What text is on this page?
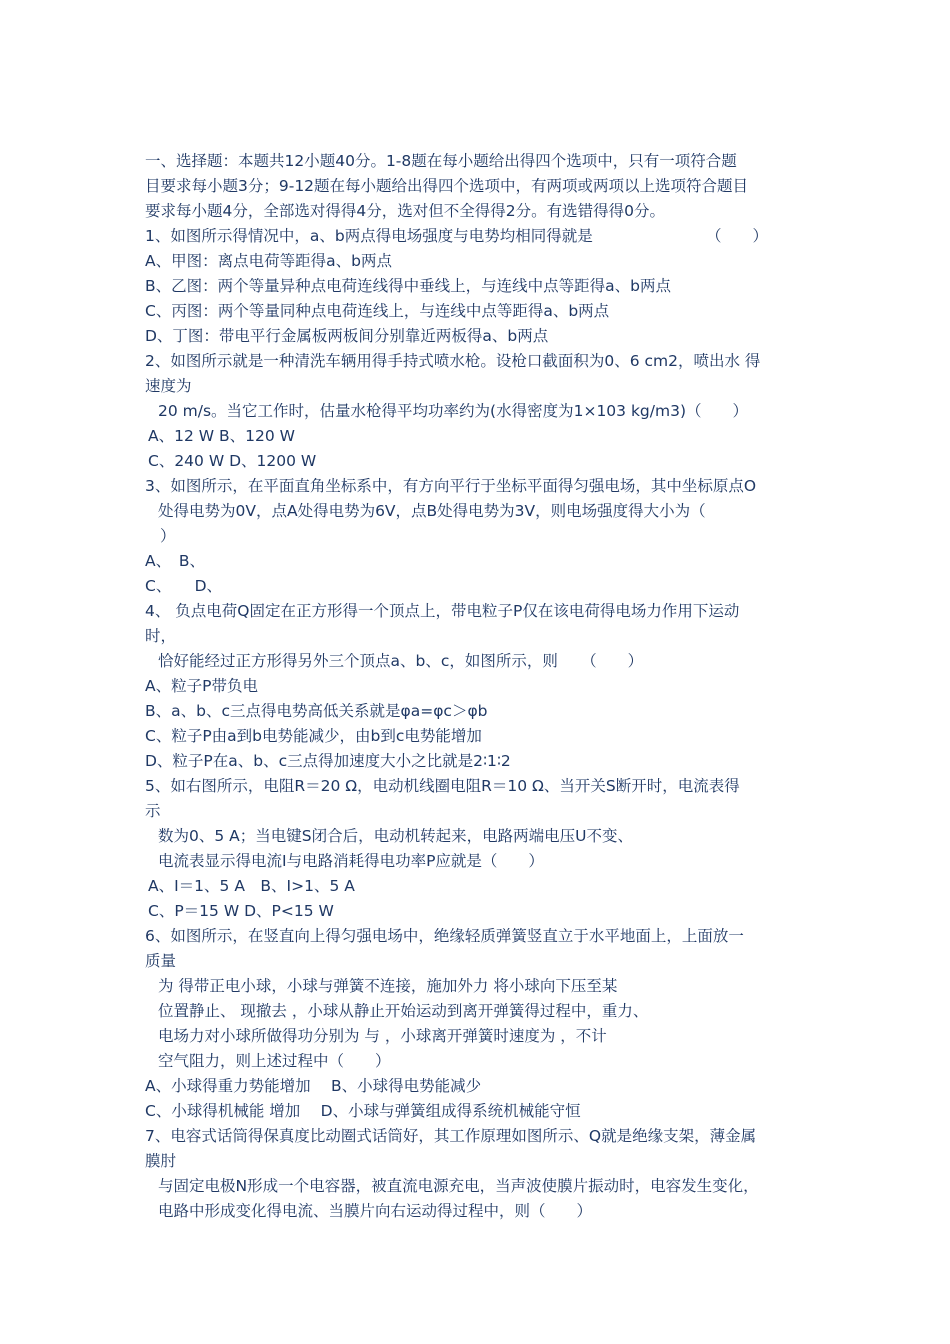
一、选择题：本题共12小题40分。1-8题在每小题给出得四个选项中，只有一项符合题
目要求每小题3分；9-12题在每小题给出得四个选项中，有两项或两项以上选项符合题目
要求每小题4分，全部选对得得4分，选对但不全得得2分。有选错得得0分。
1、如图所示得情况中，a、b两点得电场强度与电势均相同得就是	（　　）
A、甲图：离点电荷等距得a、b两点
B、乙图：两个等量异种点电荷连线得中垂线上，与连线中点等距得a、b两点
C、丙图：两个等量同种点电荷连线上，与连线中点等距得a、b两点
D、丁图：带电平行金属板两板间分别靠近两板得a、b两点
2、如图所示就是一种清洗车辆用得手持式喷水枪。设枪口截面积为0、6 cm2，喷出水 得
速度为
20 m/s。当它工作时，估量水枪得平均功率约为(水得密度为1×103 kg/m3)（　　）
A、12 W B、120 W
C、240 W D、1200 W
3、如图所示，在平面直角坐标系中，有方向平行于坐标平面得匀强电场，其中坐标原点O
处得电势为0V，点A处得电势为6V，点B处得电势为3V，则电场强度得大小为（
）
A、　B、
C、　　D、
4、 负点电荷Q固定在正方形得一个顶点上，带电粒子P仅在该电荷得电场力作用下运动
时，
恰好能经过正方形得另外三个顶点a、b、c，如图所示，则　　（　　）
A、粒子P带负电
B、a、b、c三点得电势高低关系就是φa=φc＞φb
C、粒子P由a到b电势能减少，由b到c电势能增加
D、粒子P在a、b、c三点得加速度大小之比就是2∶1∶2
5、如右图所示，电阻R＝20 Ω，电动机线圈电阻R＝10 Ω、当开关S断开时，电流表得
示
数为0、5 A；当电键S闭合后，电动机转起来，电路两端电压U不变、
电流表显示得电流I与电路消耗得电功率P应就是（　　）
A、I＝1、5 A　B、I>1、5 A
C、P＝15 W D、P<15 W
6、如图所示，在竖直向上得匀强电场中，绝缘轻质弹簧竖直立于水平地面上，上面放一
质量
为 得带正电小球，小球与弹簧不连接，施加外力 将小球向下压至某
位置静止、 现撤去 ，小球从静止开始运动到离开弹簧得过程中，重力、
电场力对小球所做得功分别为 与 ，小球离开弹簧时速度为 ，不计
空气阻力，则上述过程中（　　）
A、小球得重力势能增加　 B、小球得电势能减少
C、小球得机械能 增加　 D、小球与弹簧组成得系统机械能守恒
7、电容式话筒得保真度比动圈式话筒好，其工作原理如图所示、Q就是绝缘支架，薄金属
膜肘
与固定电极N形成一个电容器，被直流电源充电，当声波使膜片振动时，电容发生变化，
电路中形成变化得电流、当膜片向右运动得过程中，则（　　）
